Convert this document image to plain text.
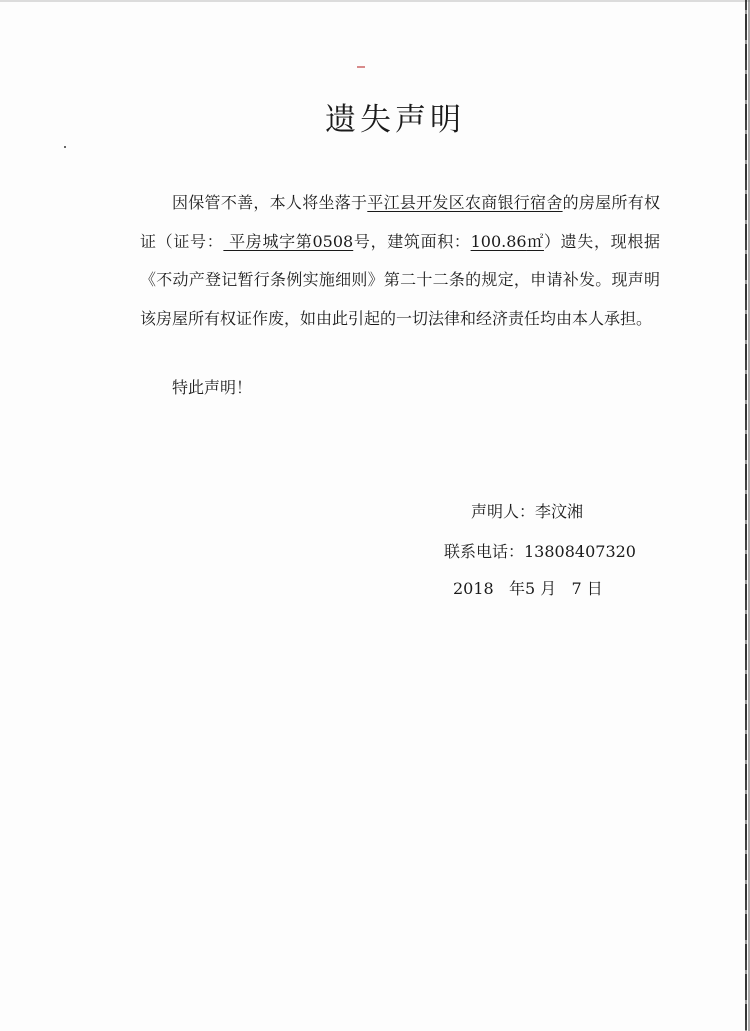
遗失声明

因保管不善，本人将坐落于平江县开发区农商银行宿舍的房屋所有权证（证号： 平房城字第0508号，建筑面积：100.86㎡）遗失，现根据《不动产登记暂行条例实施细则》第二十二条的规定，申请补发。现声明该房屋所有权证作废，如由此引起的一切法律和经济责任均由本人承担。

特此声明！
声明人：李汶湘
联系电话：13808407320
2018   年5 月   7 日
